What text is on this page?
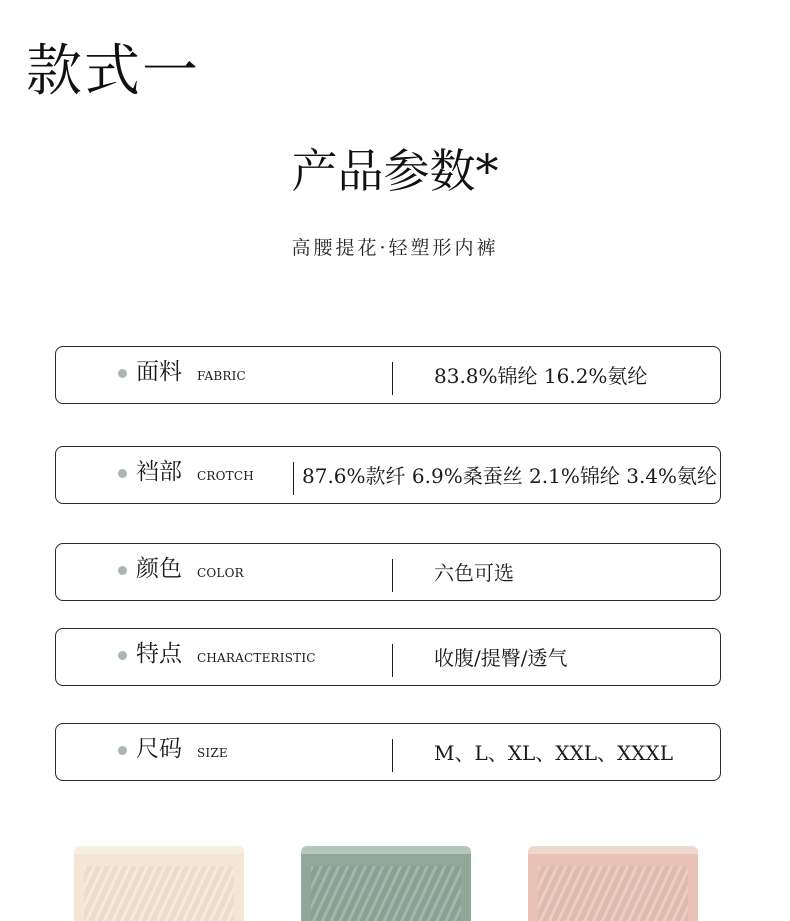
款式一
产品参数*
高腰提花·轻塑形内裤
面料 FABRIC	83.8%锦纶 16.2%氨纶
裆部 CROTCH 87.6%款纤 6.9%桑蚕丝 2.1%锦纶 3.4%氨纶
颜色 COLOR	六色可选
特点 CHARACTERISTIC	收腹/提臀/透气
尺码 SIZE	M、L、XL、XXL、XXXL
